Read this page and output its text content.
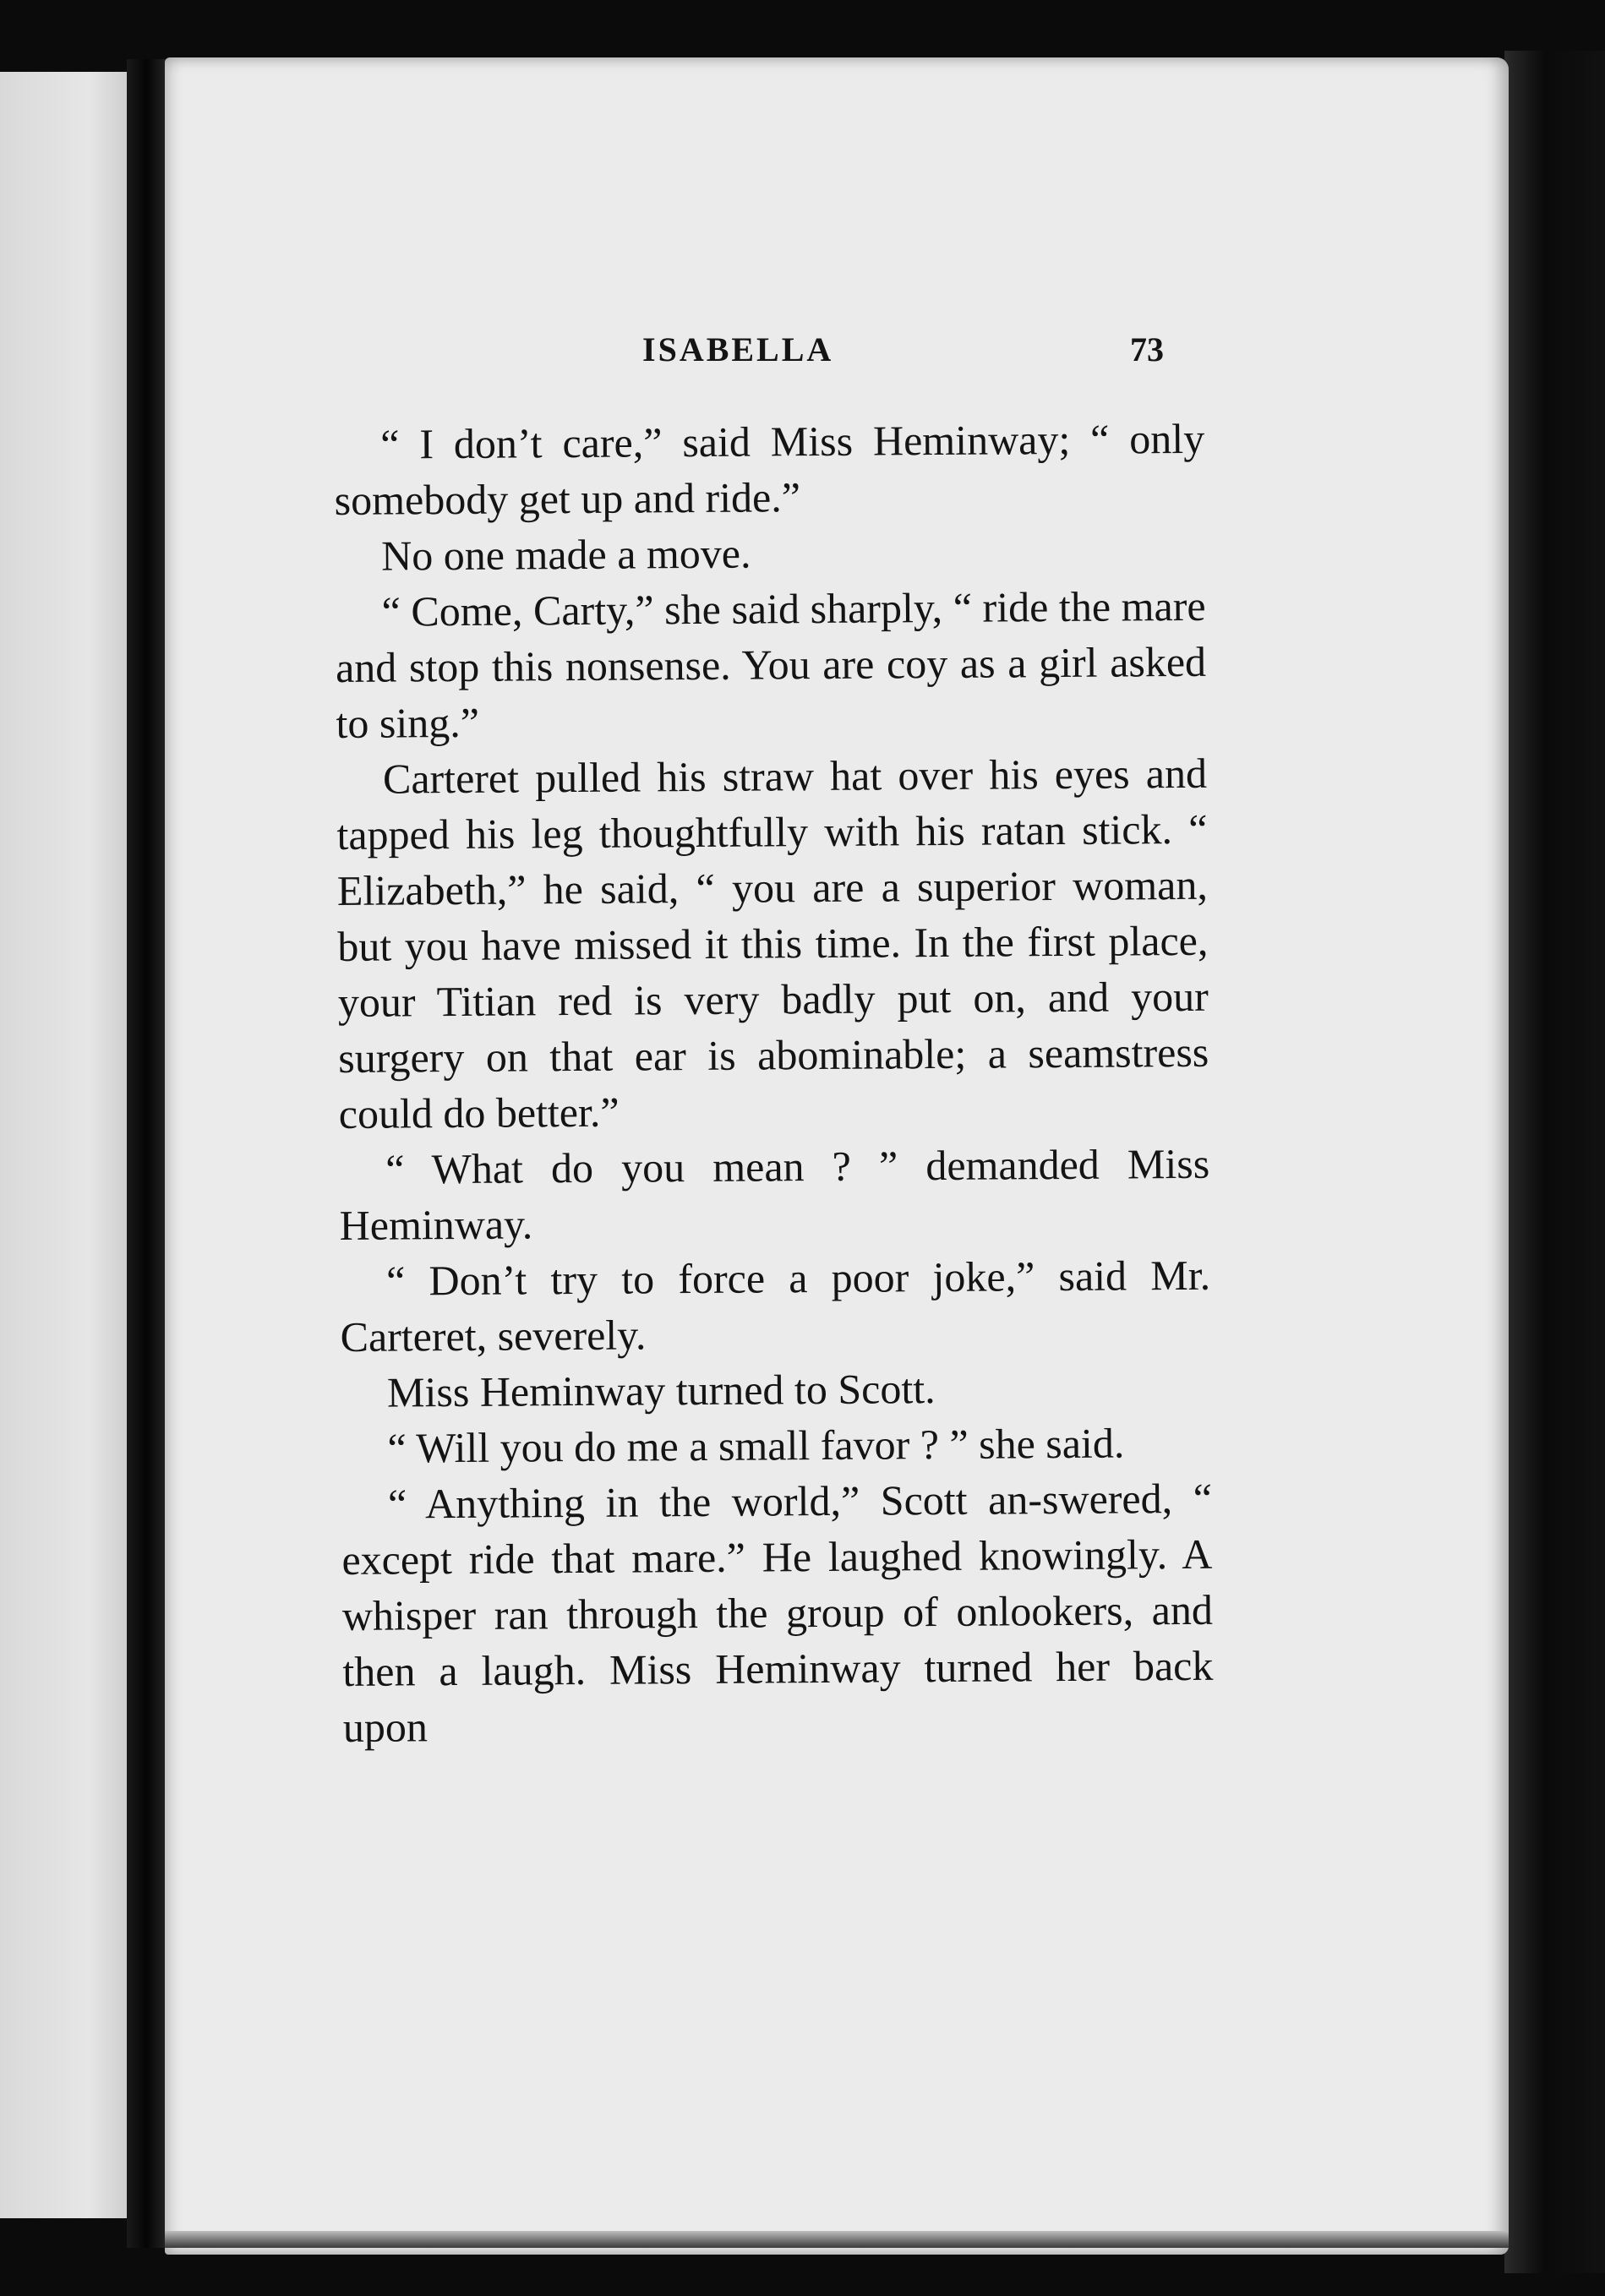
ISABELLA	73

“ I don’t care,” said Miss Heminway; “ only somebody get up and ride.”

No one made a move.

“ Come, Carty,” she said sharply, “ ride the mare and stop this nonsense. You are coy as a girl asked to sing.”

Carteret pulled his straw hat over his eyes and tapped his leg thoughtfully with his ratan stick. “ Elizabeth,” he said, “ you are a superior woman, but you have missed it this time. In the first place, your Titian red is very badly put on, and your surgery on that ear is abominable; a seamstress could do better.”

“ What do you mean ? ” demanded Miss Heminway.

“ Don’t try to force a poor joke,” said Mr. Carteret, severely.

Miss Heminway turned to Scott.

“ Will you do me a small favor ? ” she said.

“ Anything in the world,” Scott an-swered, “ except ride that mare.” He laughed knowingly. A whisper ran through the group of onlookers, and then a laugh. Miss Heminway turned her back upon
